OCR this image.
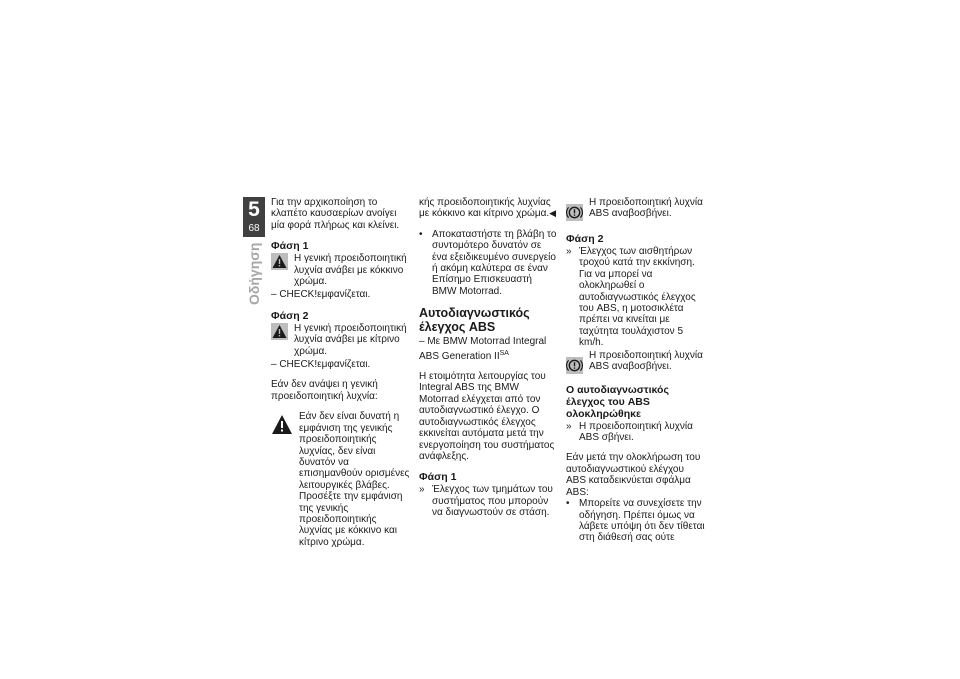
5
68
Οδήγηση

Για την αρχικοποίηση το κλαπέτο καυσαερίων ανοίγει μία φορά πλήρως και κλείνει.

Φάση 1

Η γενική προειδοποιητική λυχνία ανάβει με κόκκινο χρώμα.

– CHECK!εμφανίζεται.

Φάση 2

Η γενική προειδοποιητική λυχνία ανάβει με κίτρινο χρώμα.

– CHECK!εμφανίζεται.

Εάν δεν ανάψει η γενική προειδοποιητική λυχνία:

Εάν δεν είναι δυνατή η εμφάνιση της γενικής προειδοποιητικής λυχνίας, δεν είναι δυνατόν να επισημανθούν ορισμένες λειτουργικές βλάβες. Προσέξτε την εμφάνιση της γενικής προειδοποιητικής λυχνίας με κόκκινο και κίτρινο χρώμα.

κής προειδοποιητικής λυχνίας με κόκκινο και κίτρινο χρώμα.◀

• Αποκαταστήστε τη βλάβη το συντομότερο δυνατόν σε ένα εξειδικευμένο συνεργείο ή ακόμη καλύτερα σε έναν Επίσημο Επισκευαστή BMW Motorrad.

Αυτοδιαγνωστικός έλεγχος ABS

– Με BMW Motorrad Integral ABS Generation $II^{SA}$

Η ετοιμότητα λειτουργίας του Integral ABS της BMW Motorrad ελέγχεται από τον αυτοδιαγνωστικό έλεγχο. Ο αυτοδιαγνωστικός έλεγχος εκκινείται αυτόματα μετά την ενεργοποίηση του συστήματος ανάφλεξης.

Φάση 1

» Έλεγχος των τμημάτων του συστήματος που μπορούν να διαγνωστούν σε στάση.

Η προειδοποιητική λυχνία ABS αναβοσβήνει.

Φάση 2

» Έλεγχος των αισθητήρων τροχού κατά την εκκίνηση. Για να μπορεί να ολοκληρωθεί ο αυτοδιαγνωστικός έλεγχος του ABS, η μοτοσικλέτα πρέπει να κινείται με ταχύτητα τουλάχιστον 5 km/h.

Η προειδοποιητική λυχνία ABS αναβοσβήνει.

Ο αυτοδιαγνωστικός έλεγχος του ABS ολοκληρώθηκε

» Η προειδοποιητική λυχνία ABS σβήνει.

Εάν μετά την ολοκλήρωση του αυτοδιαγνωστικού ελέγχου ABS καταδεικνύεται σφάλμα ABS:

• Μπορείτε να συνεχίσετε την οδήγηση. Πρέπει όμως να λάβετε υπόψη ότι δεν τίθεται στη διάθεσή σας ούτε
